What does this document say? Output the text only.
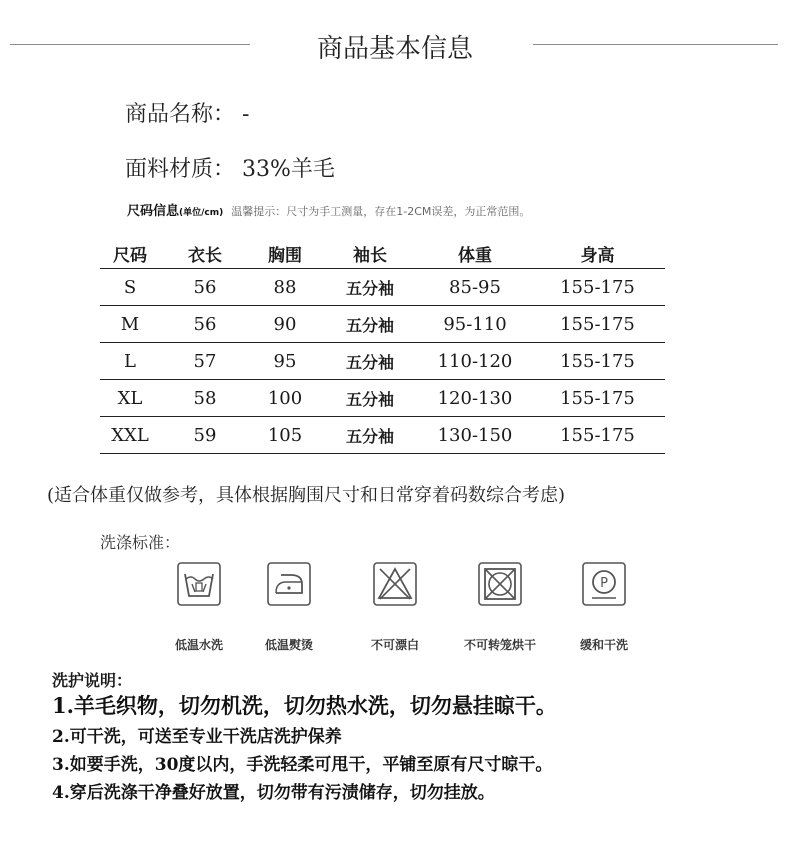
商品基本信息
商品名称： -
面料材质： 33%羊毛
尺码信息(单位/cm) 温馨提示：尺寸为手工测量，存在1-2CM误差，为正常范围。
尺码	衣长	胸围	袖长	体重	身高
S	56	88	五分袖	85-95	155-175
M	56	90	五分袖	95-110	155-175
L	57	95	五分袖	110-120	155-175
XL	58	100	五分袖	120-130	155-175
XXL	59	105	五分袖	130-150	155-175
(适合体重仅做参考，具体根据胸围尺寸和日常穿着码数综合考虑)
洗涤标准：
低温水洗	低温熨烫	不可漂白	不可转笼烘干
P
缓和干洗
洗护说明：
1.羊毛织物，切勿机洗，切勿热水洗，切勿悬挂晾干。
2.可干洗，可送至专业干洗店洗护保养
3.如要手洗，30度以内，手洗轻柔可甩干，平铺至原有尺寸晾干。
4.穿后洗涤干净叠好放置，切勿带有污渍储存，切勿挂放。
